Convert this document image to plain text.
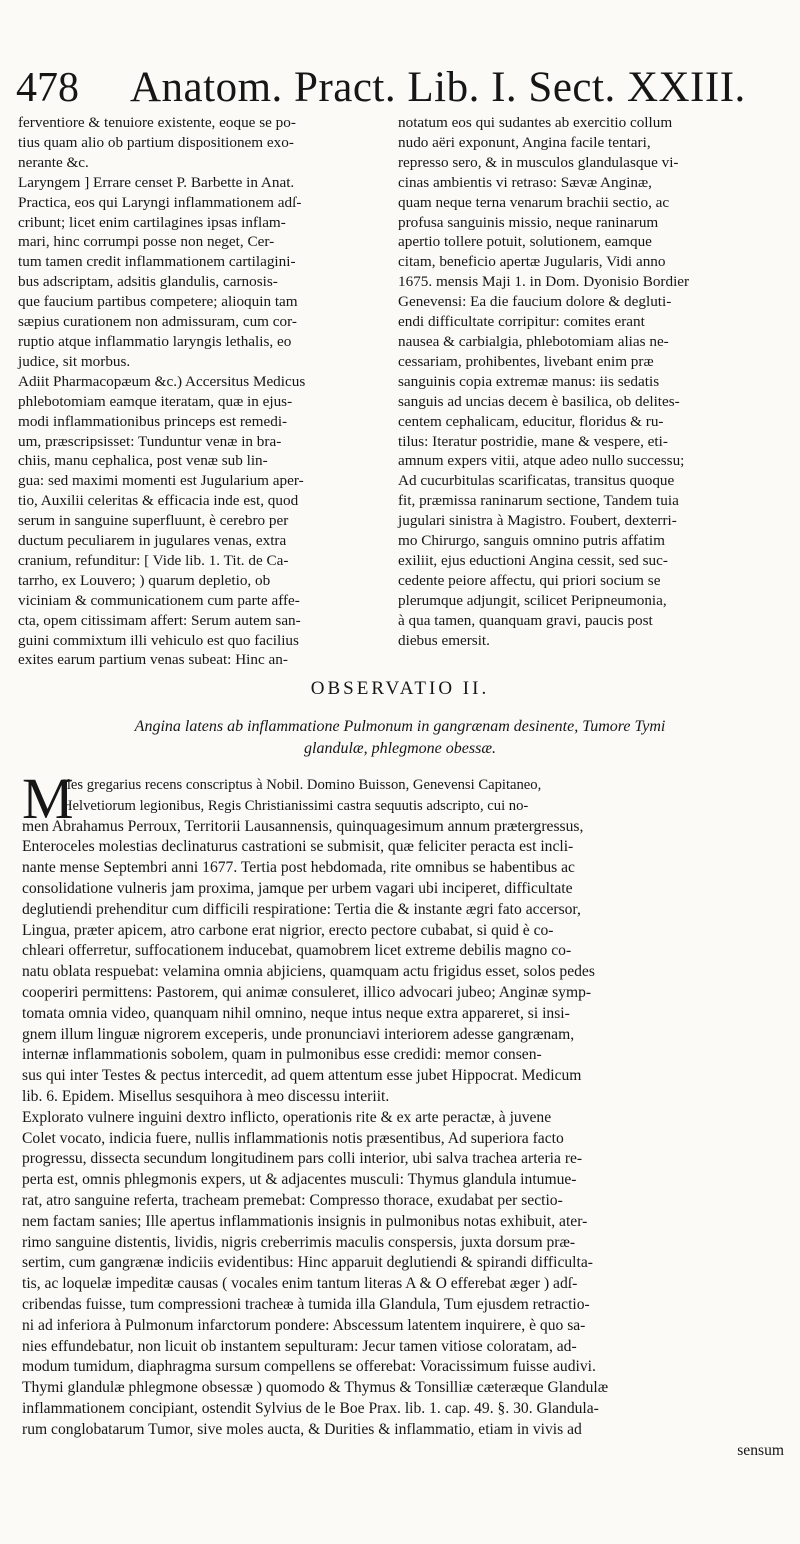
478 Anatom. Pract. Lib. I. Sect. XXIII.

ferventiore & tenuiore existente, eoque se po-

tius quam alio ob partium dispositionem exo-

nerante &c.

Laryngem ] Errare censet P. Barbette in Anat.

Practica, eos qui Laryngi inflammationem adſ-

cribunt; licet enim cartilagines ipsas inflam-

mari, hinc corrumpi posse non neget, Cer-

tum tamen credit inflammationem cartilagini-

bus adscriptam, adsitis glandulis, carnosis-

que faucium partibus competere; alioquin tam

sæpius curationem non admissuram, cum cor-

ruptio atque inflammatio laryngis lethalis, eo

judice, sit morbus.

Adiit Pharmacopæum &c.) Accersitus Medicus

phlebotomiam eamque iteratam, quæ in ejus-

modi inflammationibus princeps est remedi-

um, præscripsisset: Tunduntur venæ in bra-

chiis, manu cephalica, post venæ sub lin-

gua: sed maximi momenti est Jugularium aper-

tio, Auxilii celeritas & efficacia inde est, quod

serum in sanguine superfluunt, è cerebro per

ductum peculiarem in jugulares venas, extra

cranium, refunditur: [ Vide lib. 1. Tit. de Ca-

tarrho, ex Louvero; ) quarum depletio, ob

viciniam & communicationem cum parte affe-

cta, opem citissimam affert: Serum autem san-

guini commixtum illi vehiculo est quo facilius

exites earum partium venas subeat: Hinc an-

notatum eos qui sudantes ab exercitio collum

nudo aëri exponunt, Angina facile tentari,

represso sero, & in musculos glandulasque vi-

cinas ambientis vi retraso: Sævæ Anginæ,

quam neque terna venarum brachii sectio, ac

profusa sanguinis missio, neque raninarum

apertio tollere potuit, solutionem, eamque

citam, beneficio apertæ Jugularis, Vidi anno

1675. mensis Maji 1. in Dom. Dyonisio Bordier

Genevensi: Ea die faucium dolore & degluti-

endi difficultate corripitur: comites erant

nausea & carbialgia, phlebotomiam alias ne-

cessariam, prohibentes, livebant enim præ

sanguinis copia extremæ manus: iis sedatis

sanguis ad uncias decem è basilica, ob delites-

centem cephalicam, educitur, floridus & ru-

tilus: Iteratur postridie, mane & vespere, eti-

amnum expers vitii, atque adeo nullo successu;

Ad cucurbitulas scarificatas, transitus quoque

fit, præmissa raninarum sectione, Tandem tuia

jugulari sinistra à Magistro. Foubert, dexterri-

mo Chirurgo, sanguis omnino putris affatim

exiliit, ejus eductioni Angina cessit, sed suc-

cedente peiore affectu, qui priori socium se

plerumque adjungit, scilicet Peripneumonia,

à qua tamen, quanquam gravi, paucis post

diebus emersit.

OBSERVATIO II.

Angina latens ab inflammatione Pulmonum in gangrænam desinente, Tumore Tymi

glandulæ, phlegmone obessæ.

M

Iles gregarius recens conscriptus à Nobil. Domino Buisson, Genevensi Capitaneo,

Helvetiorum legionibus, Regis Christianissimi castra sequutis adscripto, cui no-

men Abrahamus Perroux, Territorii Lausannensis, quinquagesimum annum prætergressus,

Enteroceles molestias declinaturus castrationi se submisit, quæ feliciter peracta est incli-

nante mense Septembri anni 1677. Tertia post hebdomada, rite omnibus se habentibus ac

consolidatione vulneris jam proxima, jamque per urbem vagari ubi inciperet, difficultate

deglutiendi prehenditur cum difficili respiratione: Tertia die & instante ægri fato accersor,

Lingua, præter apicem, atro carbone erat nigrior, erecto pectore cubabat, si quid è co-

chleari offerretur, suffocationem inducebat, quamobrem licet extreme debilis magno co-

natu oblata respuebat: velamina omnia abjiciens, quamquam actu frigidus esset, solos pedes

cooperiri permittens: Pastorem, qui animæ consuleret, illico advocari jubeo; Anginæ symp-

tomata omnia video, quanquam nihil omnino, neque intus neque extra appareret, si insi-

gnem illum linguæ nigrorem exceperis, unde pronunciavi interiorem adesse gangrænam,

internæ inflammationis sobolem, quam in pulmonibus esse credidi: memor consen-

sus qui inter Testes & pectus intercedit, ad quem attentum esse jubet Hippocrat. Medicum

lib. 6. Epidem. Misellus sesquihora à meo discessu interiit.

Explorato vulnere inguini dextro inflicto, operationis rite & ex arte peractæ, à juvene

Colet vocato, indicia fuere, nullis inflammationis notis præsentibus, Ad superiora facto

progressu, dissecta secundum longitudinem pars colli interior, ubi salva trachea arteria re-

perta est, omnis phlegmonis expers, ut & adjacentes musculi: Thymus glandula intumue-

rat, atro sanguine referta, tracheam premebat: Compresso thorace, exudabat per sectio-

nem factam sanies; Ille apertus inflammationis insignis in pulmonibus notas exhibuit, ater-

rimo sanguine distentis, lividis, nigris creberrimis maculis conspersis, juxta dorsum præ-

sertim, cum gangrænæ indiciis evidentibus: Hinc apparuit deglutiendi & spirandi difficulta-

tis, ac loquelæ impeditæ causas ( vocales enim tantum literas A & O efferebat æger ) adſ-

cribendas fuisse, tum compressioni tracheæ à tumida illa Glandula, Tum ejusdem retractio-

ni ad inferiora à Pulmonum infarctorum pondere: Abscessum latentem inquirere, è quo sa-

nies effundebatur, non licuit ob instantem sepulturam: Jecur tamen vitiose coloratam, ad-

modum tumidum, diaphragma sursum compellens se offerebat: Voracissimum fuisse audivi.

Thymi glandulæ phlegmone obsessæ ) quomodo & Thymus & Tonsilliæ cæteræque Glandulæ

inflammationem concipiant, ostendit Sylvius de le Boe Prax. lib. 1. cap. 49. §. 30. Glandula-

rum conglobatarum Tumor, sive moles aucta, & Durities & inflammatio, etiam in vivis ad

sensum
